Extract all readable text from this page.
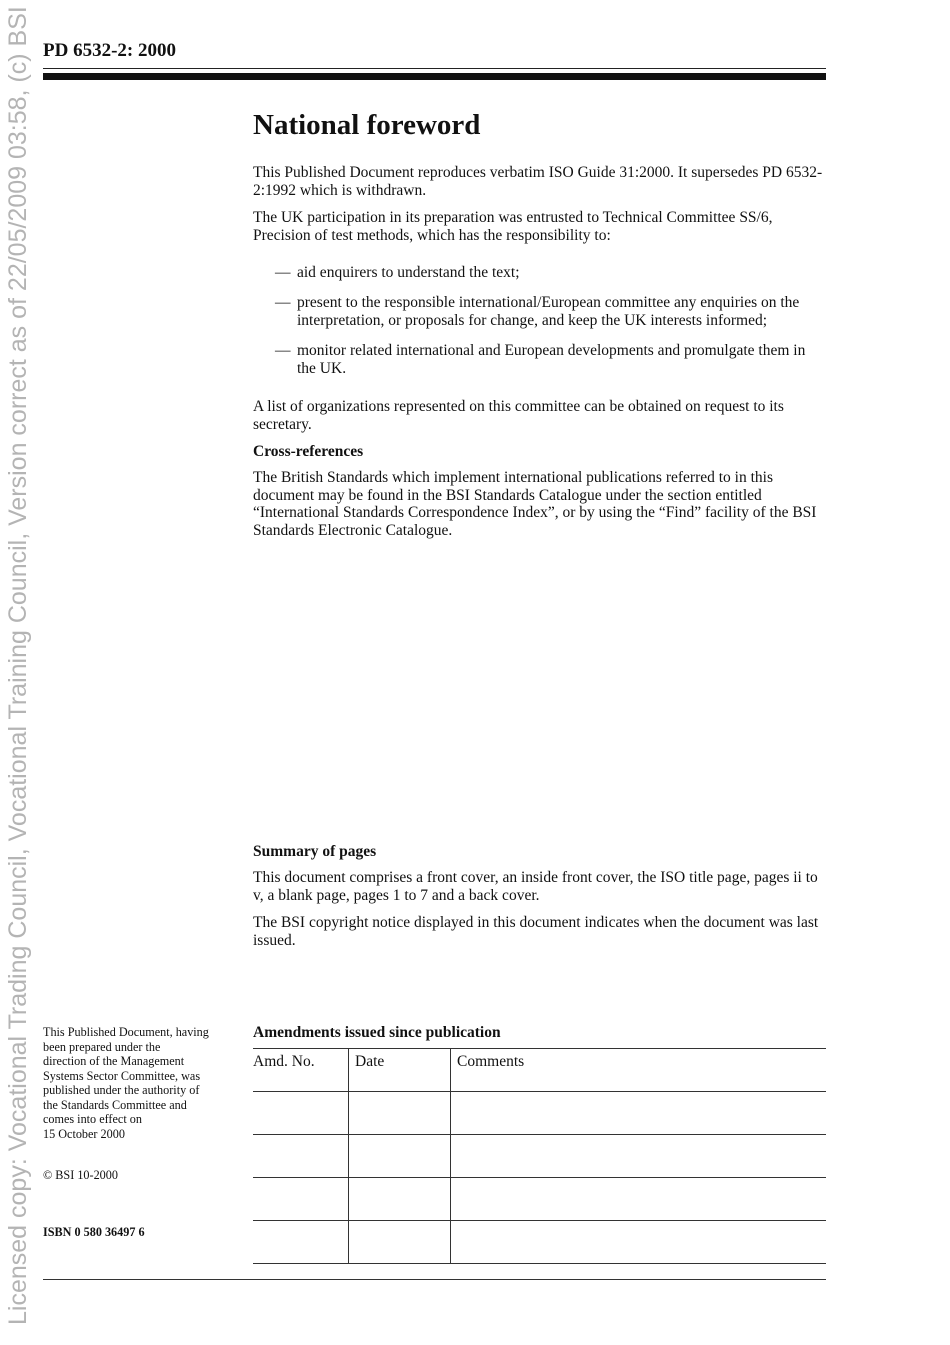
Licensed copy: Vocational Trading Council, Vocational Training Council, Version correct as of 22/05/2009 03:58, (c) BSI PD 6532-2: 2000
National foreword

This Published Document reproduces verbatim ISO Guide 31:2000. It supersedes PD 6532-2:1992 which is withdrawn.

The UK participation in its preparation was entrusted to Technical Committee SS/6, Precision of test methods, which has the responsibility to:

— aid enquirers to understand the text;
— present to the responsible international/European committee any enquiries on the interpretation, or proposals for change, and keep the UK interests informed;
— monitor related international and European developments and promulgate them in the UK.

A list of organizations represented on this committee can be obtained on request to its secretary.

Cross-references

The British Standards which implement international publications referred to in this document may be found in the BSI Standards Catalogue under the section entitled “International Standards Correspondence Index”, or by using the “Find” facility of the BSI Standards Electronic Catalogue.

Summary of pages

This document comprises a front cover, an inside front cover, the ISO title page, pages ii to v, a blank page, pages 1 to 7 and a back cover.

The BSI copyright notice displayed in this document indicates when the document was last issued.

This Published Document, having
been prepared under the
direction of the Management
Systems Sector Committee, was
published under the authority of
the Standards Committee and
comes into effect on
15 October 2000
© BSI 10-2000
ISBN 0 580 36497 6
Amendments issued since publication
Amd. No.	Date	Comments
